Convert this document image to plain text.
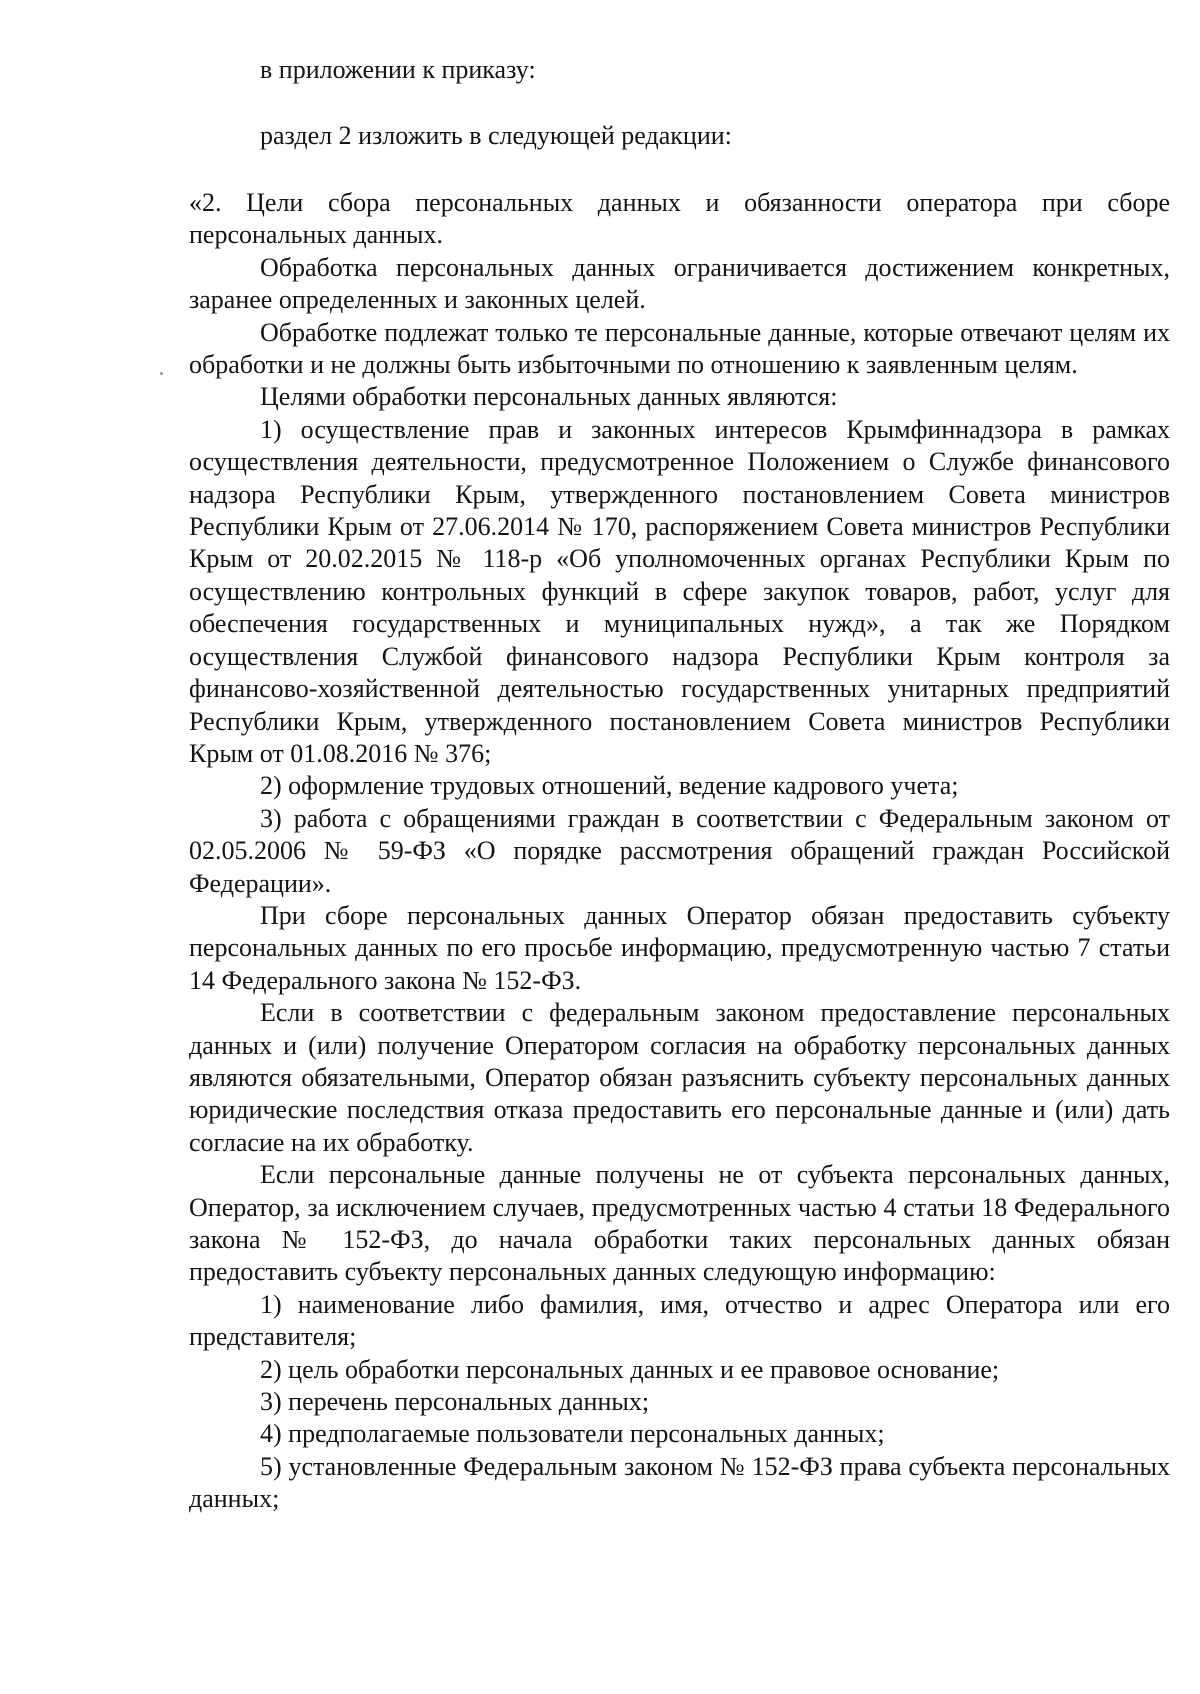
в приложении к приказу:
раздел 2 изложить в следующей редакции:

«2. Цели сбора персональных данных и обязанности оператора при сборе персональных данных.

Обработка персональных данных ограничивается достижением конкретных, заранее определенных и законных целей.

Обработке подлежат только те персональные данные, которые отвечают целям их обработки и не должны быть избыточными по отношению к заявленным целям.

Целями обработки персональных данных являются:

1) осуществление прав и законных интересов Крымфиннадзора в рамках осуществления деятельности, предусмотренное Положением о Службе финансового надзора Республики Крым, утвержденного постановлением Совета министров Республики Крым от 27.06.2014 № 170, распоряжением Совета министров Республики Крым от 20.02.2015 № 118-р «Об уполномоченных органах Республики Крым по осуществлению контрольных функций в сфере закупок товаров, работ, услуг для обеспечения государственных и муниципальных нужд», а так же Порядком осуществления Службой финансового надзора Республики Крым контроля за финансово-хозяйственной деятельностью государственных унитарных предприятий Республики Крым, утвержденного постановлением Совета министров Республики Крым от 01.08.2016 № 376;

2) оформление трудовых отношений, ведение кадрового учета;

3) работа с обращениями граждан в соответствии с Федеральным законом от 02.05.2006 № 59-ФЗ «О порядке рассмотрения обращений граждан Российской Федерации».

При сборе персональных данных Оператор обязан предоставить субъекту персональных данных по его просьбе информацию, предусмотренную частью 7 статьи 14 Федерального закона № 152-ФЗ.

Если в соответствии с федеральным законом предоставление персональных данных и (или) получение Оператором согласия на обработку персональных данных являются обязательными, Оператор обязан разъяснить субъекту персональных данных юридические последствия отказа предоставить его персональные данные и (или) дать согласие на их обработку.

Если персональные данные получены не от субъекта персональных данных, Оператор, за исключением случаев, предусмотренных частью 4 статьи 18 Федерального закона № 152-ФЗ, до начала обработки таких персональных данных обязан предоставить субъекту персональных данных следующую информацию:

1) наименование либо фамилия, имя, отчество и адрес Оператора или его представителя;

2) цель обработки персональных данных и ее правовое основание;

3) перечень персональных данных;

4) предполагаемые пользователи персональных данных;

5) установленные Федеральным законом № 152-ФЗ права субъекта персональных данных;
